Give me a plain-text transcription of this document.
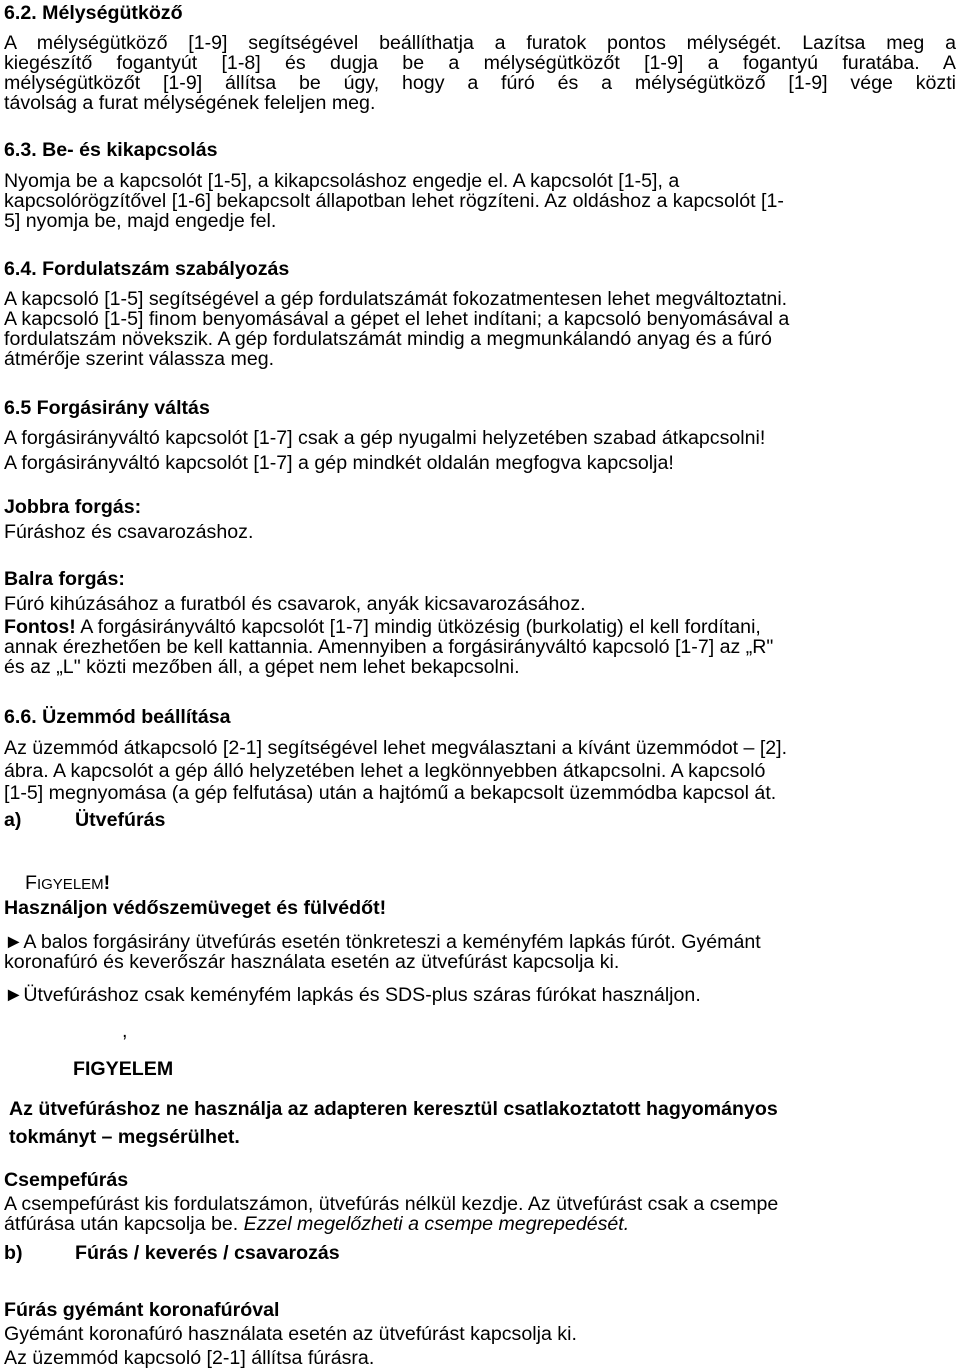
6.2. Mélységütköző
A mélységütköző [1-9] segítségével beállíthatja a furatok pontos mélységét. Lazítsa meg a
kiegészítő fogantyút [1-8] és dugja be a mélységütközőt [1-9] a fogantyú furatába. A
mélységütközőt [1-9] állítsa be úgy, hogy a fúró és a mélységütköző [1-9] vége közti
távolság a furat mélységének feleljen meg.
6.3. Be- és kikapcsolás
Nyomja be a kapcsolót [1-5], a kikapcsoláshoz engedje el. A kapcsolót [1-5], a
kapcsolórögzítővel [1-6] bekapcsolt állapotban lehet rögzíteni. Az oldáshoz a kapcsolót [1-
5] nyomja be, majd engedje fel.
6.4. Fordulatszám szabályozás
A kapcsoló [1-5] segítségével a gép fordulatszámát fokozatmentesen lehet megváltoztatni.
A kapcsoló [1-5] finom benyomásával a gépet el lehet indítani; a kapcsoló benyomásával a
fordulatszám növekszik. A gép fordulatszámát mindig a megmunkálandó anyag és a fúró
átmérője szerint válassza meg.
6.5 Forgásirány váltás
A forgásirányváltó kapcsolót [1-7] csak a gép nyugalmi helyzetében szabad átkapcsolni!
A forgásirányváltó kapcsolót [1-7] a gép mindkét oldalán megfogva kapcsolja!
Jobbra forgás:
Fúráshoz és csavarozáshoz.
Balra forgás:
Fúró kihúzásához a furatból és csavarok, anyák kicsavarozásához.
Fontos! A forgásirányváltó kapcsolót [1-7] mindig ütközésig (burkolatig) el kell fordítani,
annak érezhetően be kell kattannia. Amennyiben a forgásirányváltó kapcsoló [1-7] az „R"
és az „L" közti mezőben áll, a gépet nem lehet bekapcsolni.
6.6. Üzemmód beállítása
Az üzemmód átkapcsoló [2-1] segítségével lehet megválasztani a kívánt üzemmódot – [2].
ábra. A kapcsolót a gép álló helyzetében lehet a legkönnyebben átkapcsolni. A kapcsoló
[1-5] megnyomása (a gép felfutása) után a hajtómű a bekapcsolt üzemmódba kapcsol át.
a)	Ütvefúrás
FIGYELEM!
Használjon védőszemüveget és fülvédőt!
►A balos forgásirány ütvefúrás esetén tönkreteszi a keményfém lapkás fúrót. Gyémánt
koronafúró és keverőszár használata esetén az ütvefúrást kapcsolja ki.
►Ütvefúráshoz csak keményfém lapkás és SDS-plus száras fúrókat használjon.
,
FIGYELEM
Az ütvefúráshoz ne használja az adapteren keresztül csatlakoztatott hagyományos
tokmányt – megsérülhet.
Csempefúrás
A csempefúrást kis fordulatszámon, ütvefúrás nélkül kezdje. Az ütvefúrást csak a csempe
átfúrása után kapcsolja be. Ezzel megelőzheti a csempe megrepedését.
b)	Fúrás / keverés / csavarozás
Fúrás gyémánt koronafúróval
Gyémánt koronafúró használata esetén az ütvefúrást kapcsolja ki.
Az üzemmód kapcsoló [2-1] állítsa fúrásra.
